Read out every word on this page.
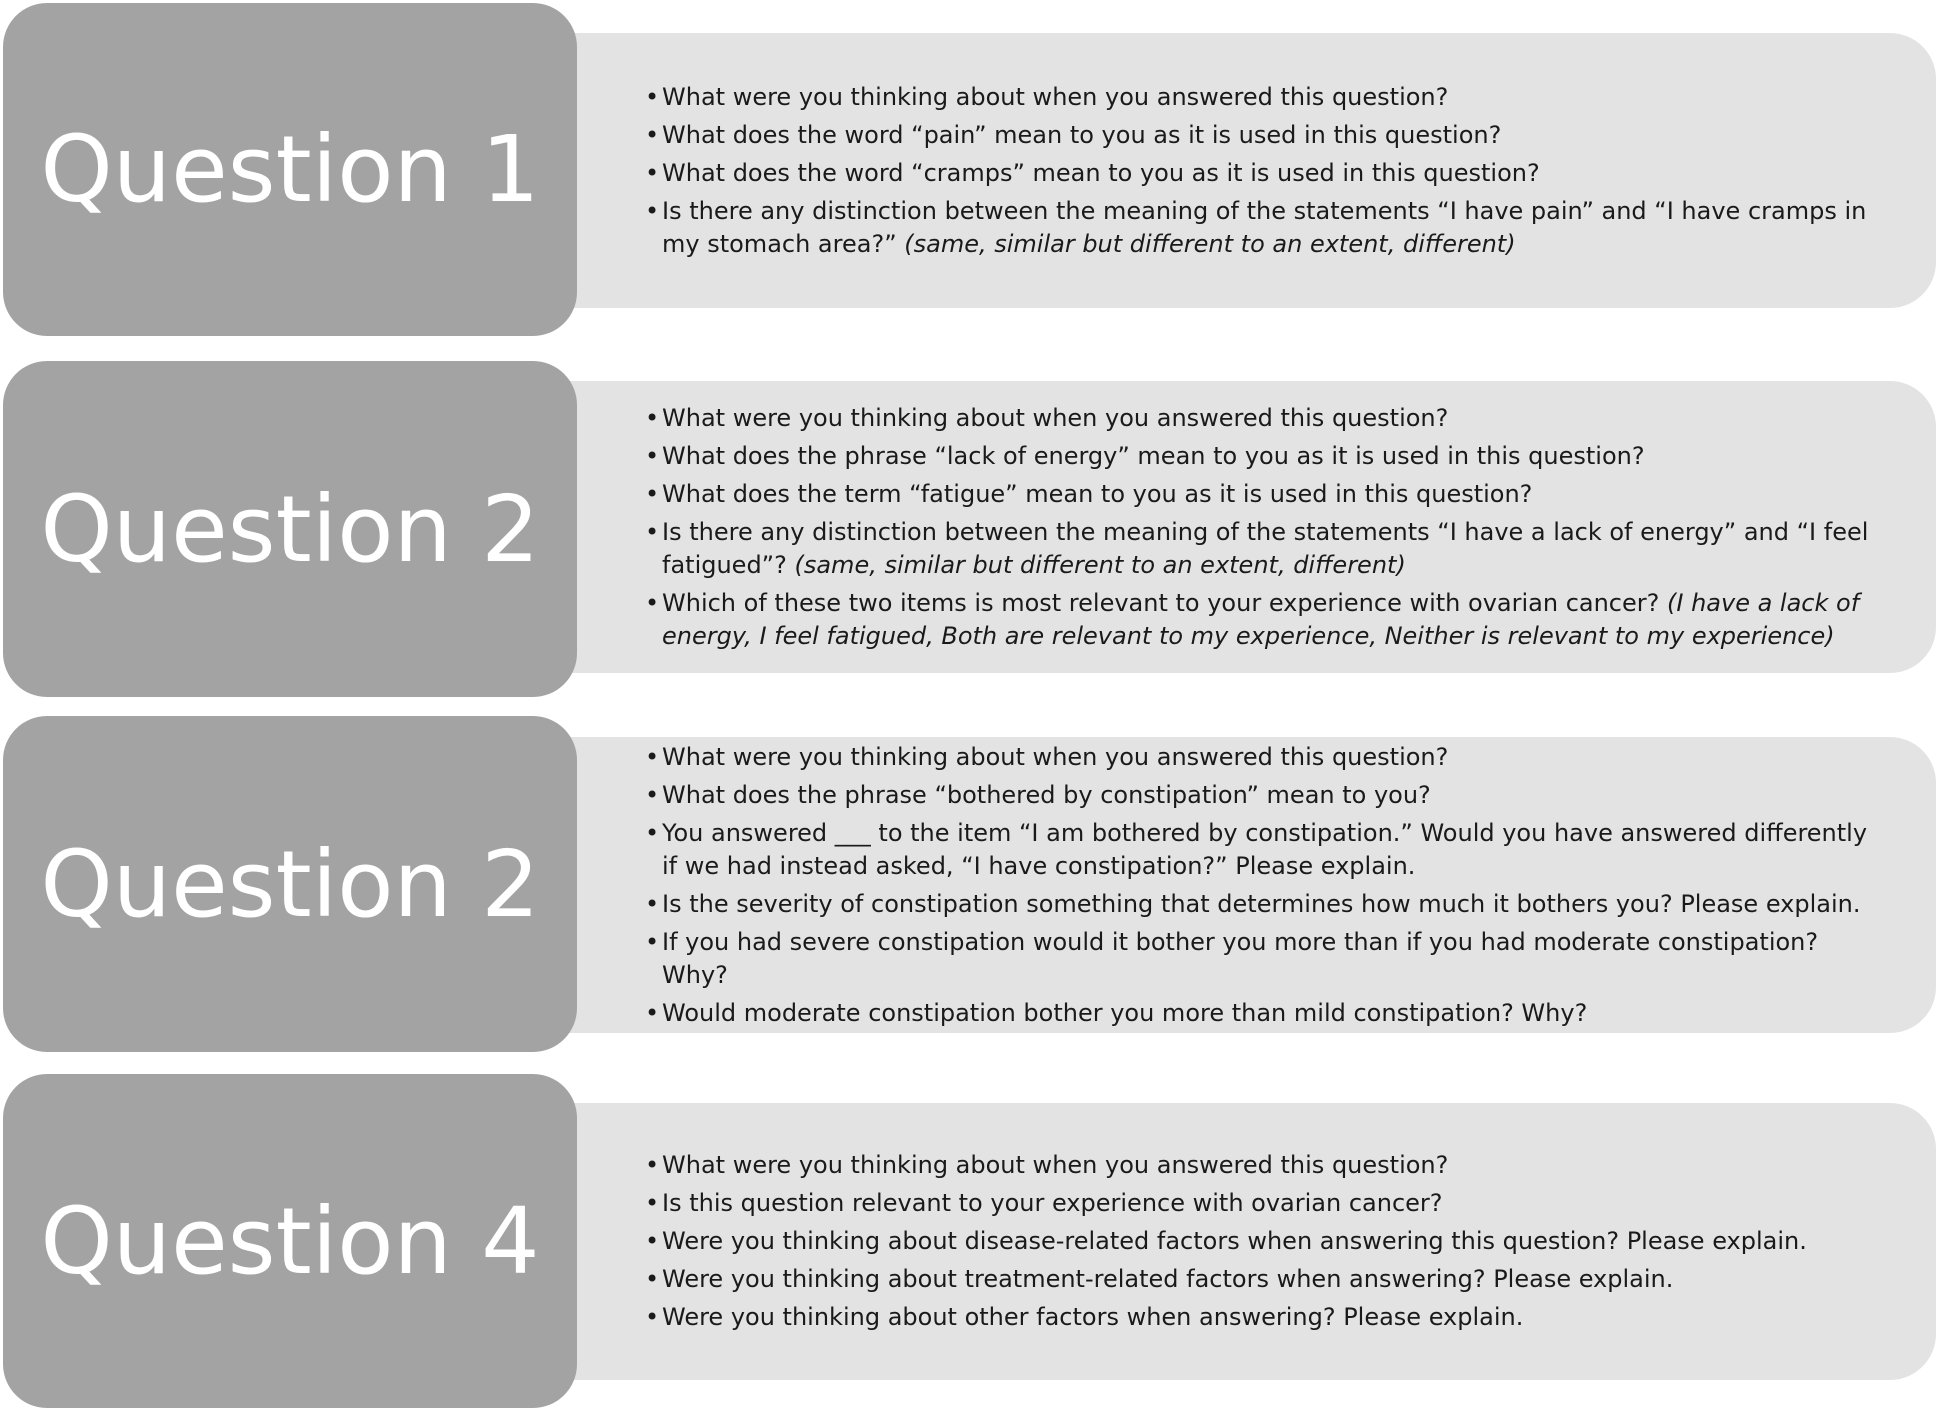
• What were you thinking about when you answered this question?
• What does the word “pain” mean to you as it is used in this question?
• What does the word “cramps” mean to you as it is used in this question?
• Is there any distinction between the meaning of the statements “I have pain” and “I have cramps in my stomach area?” (same, similar but different to an extent, different)
Question 1
• What were you thinking about when you answered this question?
• What does the phrase “lack of energy” mean to you as it is used in this question?
• What does the term “fatigue” mean to you as it is used in this question?
• Is there any distinction between the meaning of the statements “I have a lack of energy” and “I feel fatigued”? (same, similar but different to an extent, different)
• Which of these two items is most relevant to your experience with ovarian cancer? (I have a lack of energy, I feel fatigued, Both are relevant to my experience, Neither is relevant to my experience)
Question 2
• What were you thinking about when you answered this question?
• What does the phrase “bothered by constipation” mean to you?
• You answered ___ to the item “I am bothered by constipation.” Would you have answered differently if we had instead asked, “I have constipation?” Please explain.
• Is the severity of constipation something that determines how much it bothers you? Please explain.
• If you had severe constipation would it bother you more than if you had moderate constipation? Why?
• Would moderate constipation bother you more than mild constipation? Why?
Question 2
• What were you thinking about when you answered this question?
• Is this question relevant to your experience with ovarian cancer?
• Were you thinking about disease-related factors when answering this question? Please explain.
• Were you thinking about treatment-related factors when answering? Please explain.
• Were you thinking about other factors when answering? Please explain.
Question 4
